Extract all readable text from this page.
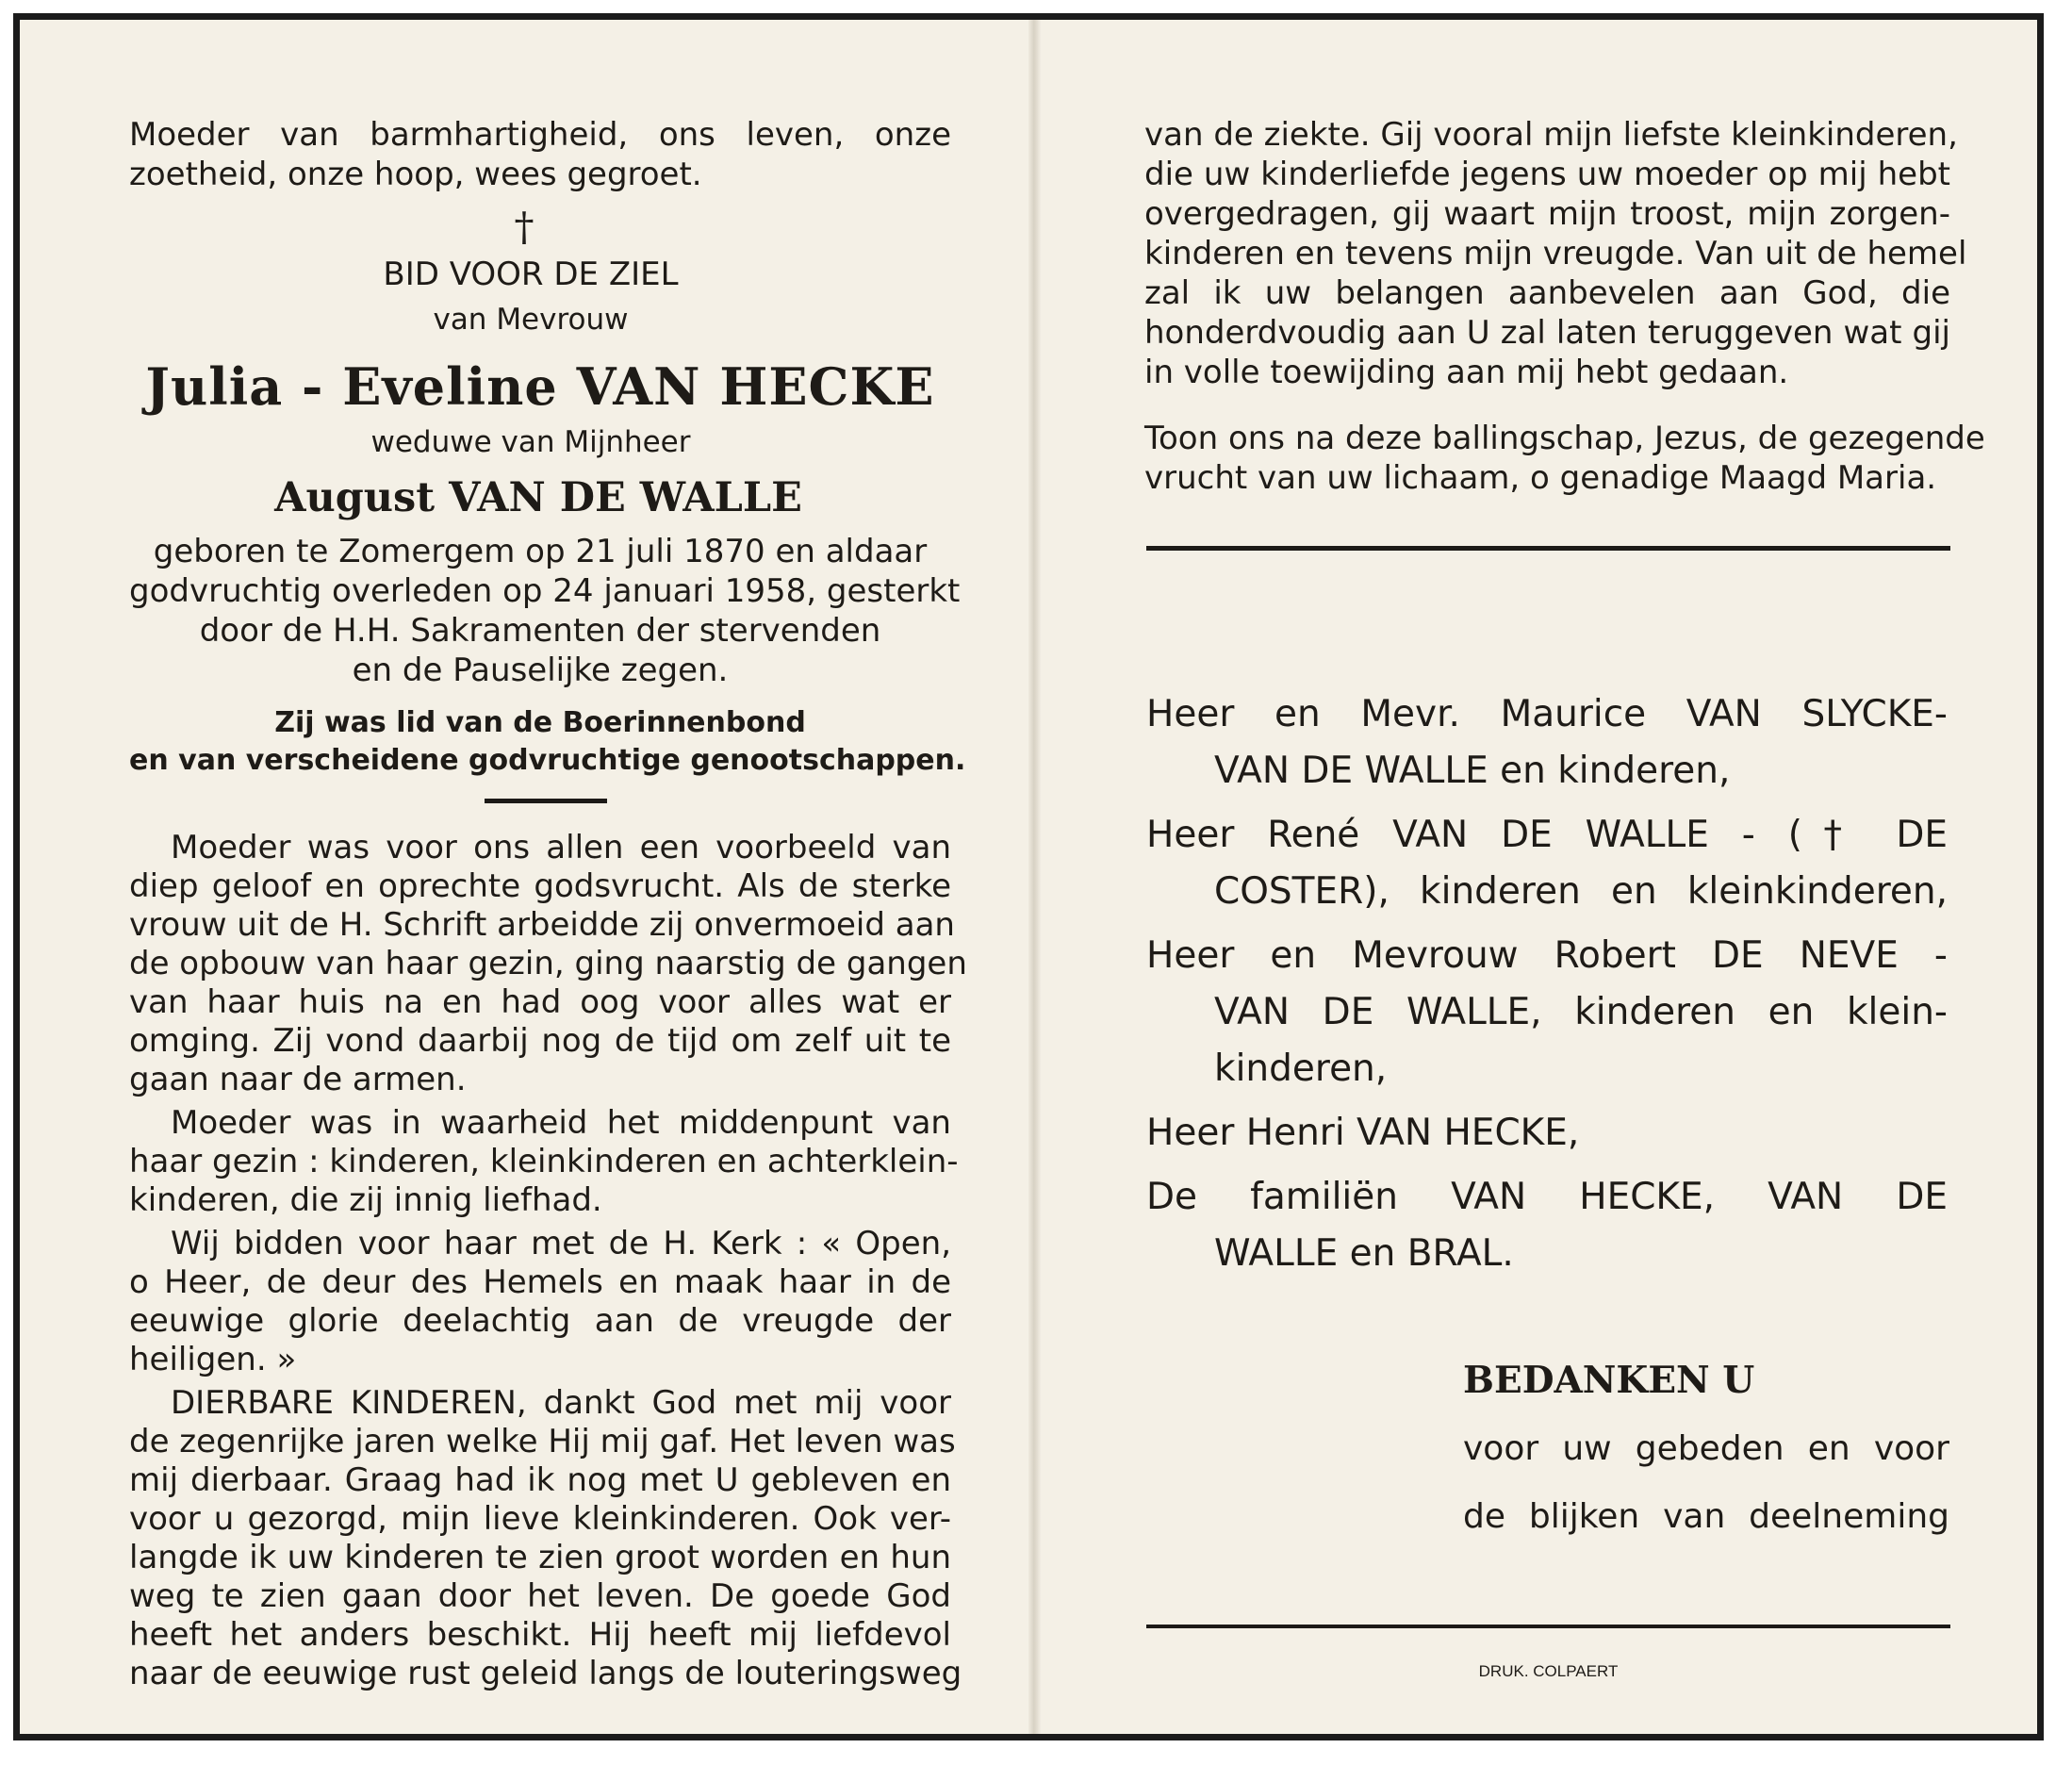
Moeder van barmhartigheid, ons leven, onze
zoetheid, onze hoop, wees gegroet.
†
BID VOOR DE ZIEL
van Mevrouw
Julia - Eveline VAN HECKE
weduwe van Mijnheer
August VAN DE WALLE
geboren te Zomergem op 21 juli 1870 en aldaar
godvruchtig overleden op 24 januari 1958, gesterkt
door de H.H. Sakramenten der stervenden
en de Pauselijke zegen.
Zij was lid van de Boerinnenbond
en van verscheidene godvruchtige genootschappen.
Moeder was voor ons allen een voorbeeld van
diep geloof en oprechte godsvrucht. Als de sterke
vrouw uit de H. Schrift arbeidde zij onvermoeid aan
de opbouw van haar gezin, ging naarstig de gangen
van haar huis na en had oog voor alles wat er
omging. Zij vond daarbij nog de tijd om zelf uit te
gaan naar de armen.
Moeder was in waarheid het middenpunt van
haar gezin : kinderen, kleinkinderen en achterklein-
kinderen, die zij innig liefhad.
Wij bidden voor haar met de H. Kerk : « Open,
o Heer, de deur des Hemels en maak haar in de
eeuwige glorie deelachtig aan de vreugde der
heiligen. »
DIERBARE KINDEREN, dankt God met mij voor
de zegenrijke jaren welke Hij mij gaf. Het leven was
mij dierbaar. Graag had ik nog met U gebleven en
voor u gezorgd, mijn lieve kleinkinderen. Ook ver-
langde ik uw kinderen te zien groot worden en hun
weg te zien gaan door het leven. De goede God
heeft het anders beschikt. Hij heeft mij liefdevol
naar de eeuwige rust geleid langs de louteringsweg
van de ziekte. Gij vooral mijn liefste kleinkinderen,
die uw kinderliefde jegens uw moeder op mij hebt
overgedragen, gij waart mijn troost, mijn zorgen-
kinderen en tevens mijn vreugde. Van uit de hemel
zal ik uw belangen aanbevelen aan God, die
honderdvoudig aan U zal laten teruggeven wat gij
in volle toewijding aan mij hebt gedaan.
Toon ons na deze ballingschap, Jezus, de gezegende
vrucht van uw lichaam, o genadige Maagd Maria.
Heer en Mevr. Maurice VAN SLYCKE-
VAN DE WALLE en kinderen,
Heer René VAN DE WALLE - († DE
COSTER), kinderen en kleinkinderen,
Heer en Mevrouw Robert DE NEVE -
VAN DE WALLE, kinderen en klein-
kinderen,
Heer Henri VAN HECKE,
De familiën VAN HECKE, VAN DE
WALLE en BRAL.
BEDANKEN U
voor uw gebeden en voor
de blijken van deelneming
DRUK. COLPAERT
